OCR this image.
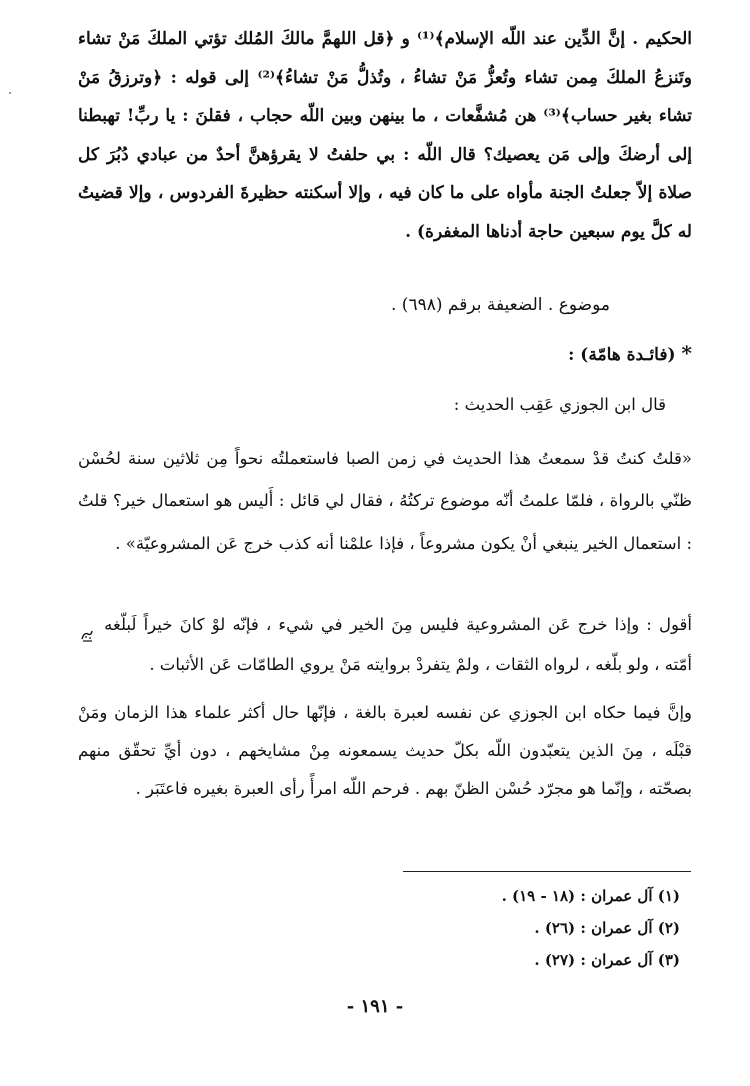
الحكيم . إنَّ الدِّين عند اللّه الإسلام﴾⁽¹⁾ و ﴿قل اللهمَّ مالكَ المُلك تؤتي الملكَ مَنْ تشاء وتَنزعُ الملكَ مِمن تشاء وتُعزُّ مَنْ تشاءُ ، وتُذلُّ مَنْ تشاءُ﴾⁽²⁾ إلى قوله : ﴿وترزقُ مَنْ تشاء بغير حساب﴾⁽³⁾ هن مُشفَّعات ، ما بينهن وبين اللّه حجاب ، فقلنَ : يا ربِّ! تهبطنا إلى أرضكَ وإلى مَن يعصيك؟ قال اللّه : بي حلفتُ لا يقرؤهنَّ أحدٌ من عبادي دُبُرَ كل صلاة إلاّ جعلتُ الجنة مأواه على ما كان فيه ، وإلا أسكنته حظيرةَ الفردوس ، وإلا قضيتُ له كلَّ يوم سبعين حاجة أدناها المغفرة) .

موضوع . الضعيفة برقم (٦٩٨) .
*(فائـدة هامّة) :
قال ابن الجوزي عَقِب الحديث :

«قلتُ كنتُ قدْ سمعتُ هذا الحديث في زمن الصبا فاستعملتُه نحواً مِن ثلاثين سنة لحُسْن ظنّي بالرواة ، فلمّا علمتُ أنّه موضوع تركتُهُ ، فقال لي قائل : أَليس هو استعمال خير؟ قلتُ : استعمال الخير ينبغي أنْ يكون مشروعاً ، فإذا علمْنا أنه كذب خرج عَن المشروعيّة» .

أقول : وإذا خرج عَن المشروعية فليس مِنَ الخير في شيء ، فإنّه لوْ كانَ خيراً لَبلّغه  أمّته ، ولو بلّغه ، لرواه الثقات ، ولمْ يتفردْ بروايته مَنْ يروي الطامّات عَن الأثبات .

وإنَّ فيما حكاه ابن الجوزي عن نفسه لعبرة بالغة ، فإنّها حال أكثر علماء هذا الزمان ومَنْ قبْلَه ، مِنَ الذين يتعبّدون اللّه بكلّ حديث يسمعونه مِنْ مشايخهم ، دون أيِّ تحقّق منهم بصحّته ، وإنّما هو مجرّد حُسْن الظنّ بهم . فرحم اللّه امرأً رأى العبرة بغيره فاعتَبَر .

(١) آل عمران : (١٨ - ١٩) .
(٢) آل عمران : (٢٦) .
(٣) آل عمران : (٢٧) .
- ١٩١ -
